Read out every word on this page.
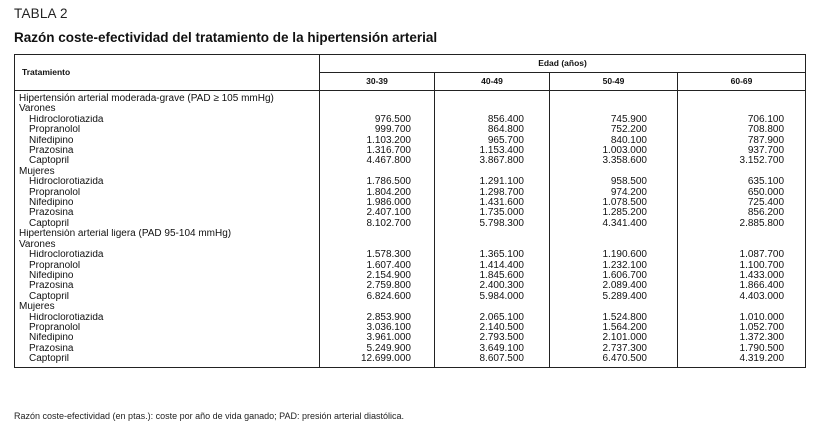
TABLA 2
Razón coste-efectividad del tratamiento de la hipertensión arterial
Tratamiento	Edad (años)			
	30-39	40-49	50-49	60-69
Hipertensión arterial moderada-grave (PAD ≥ 105 mmHg)				
Varones				
Hidroclorotiazida	976.500	856.400	745.900	706.100
Propranolol	999.700	864.800	752.200	708.800
Nifedipino	1.103.200	965.700	840.100	787.900
Prazosina	1.316.700	1.153.400	1.003.000	937.700
Captopril	4.467.800	3.867.800	3.358.600	3.152.700
Mujeres				
Hidroclorotiazida	1.786.500	1.291.100	958.500	635.100
Propranolol	1.804.200	1.298.700	974.200	650.000
Nifedipino	1.986.000	1.431.600	1.078.500	725.400
Prazosina	2.407.100	1.735.000	1.285.200	856.200
Captopril	8.102.700	5.798.300	4.341.400	2.885.800
Hipertensión arterial ligera (PAD 95-104 mmHg)				
Varones				
Hidroclorotiazida	1.578.300	1.365.100	1.190.600	1.087.700
Propranolol	1.607.400	1.414.400	1.232.100	1.100.700
Nifedipino	2.154.900	1.845.600	1.606.700	1.433.000
Prazosina	2.759.800	2.400.300	2.089.400	1.866.400
Captopril	6.824.600	5.984.000	5.289.400	4.403.000
Mujeres				
Hidroclorotiazida	2.853.900	2.065.100	1.524.800	1.010.000
Propranolol	3.036.100	2.140.500	1.564.200	1.052.700
Nifedipino	3.961.000	2.793.500	2.101.000	1.372.300
Prazosina	5.249.900	3.649.100	2.737.300	1.790.500
Captopril	12.699.000	8.607.500	6.470.500	4.319.200
Razón coste-efectividad (en ptas.): coste por año de vida ganado; PAD: presión arterial diastólica.
